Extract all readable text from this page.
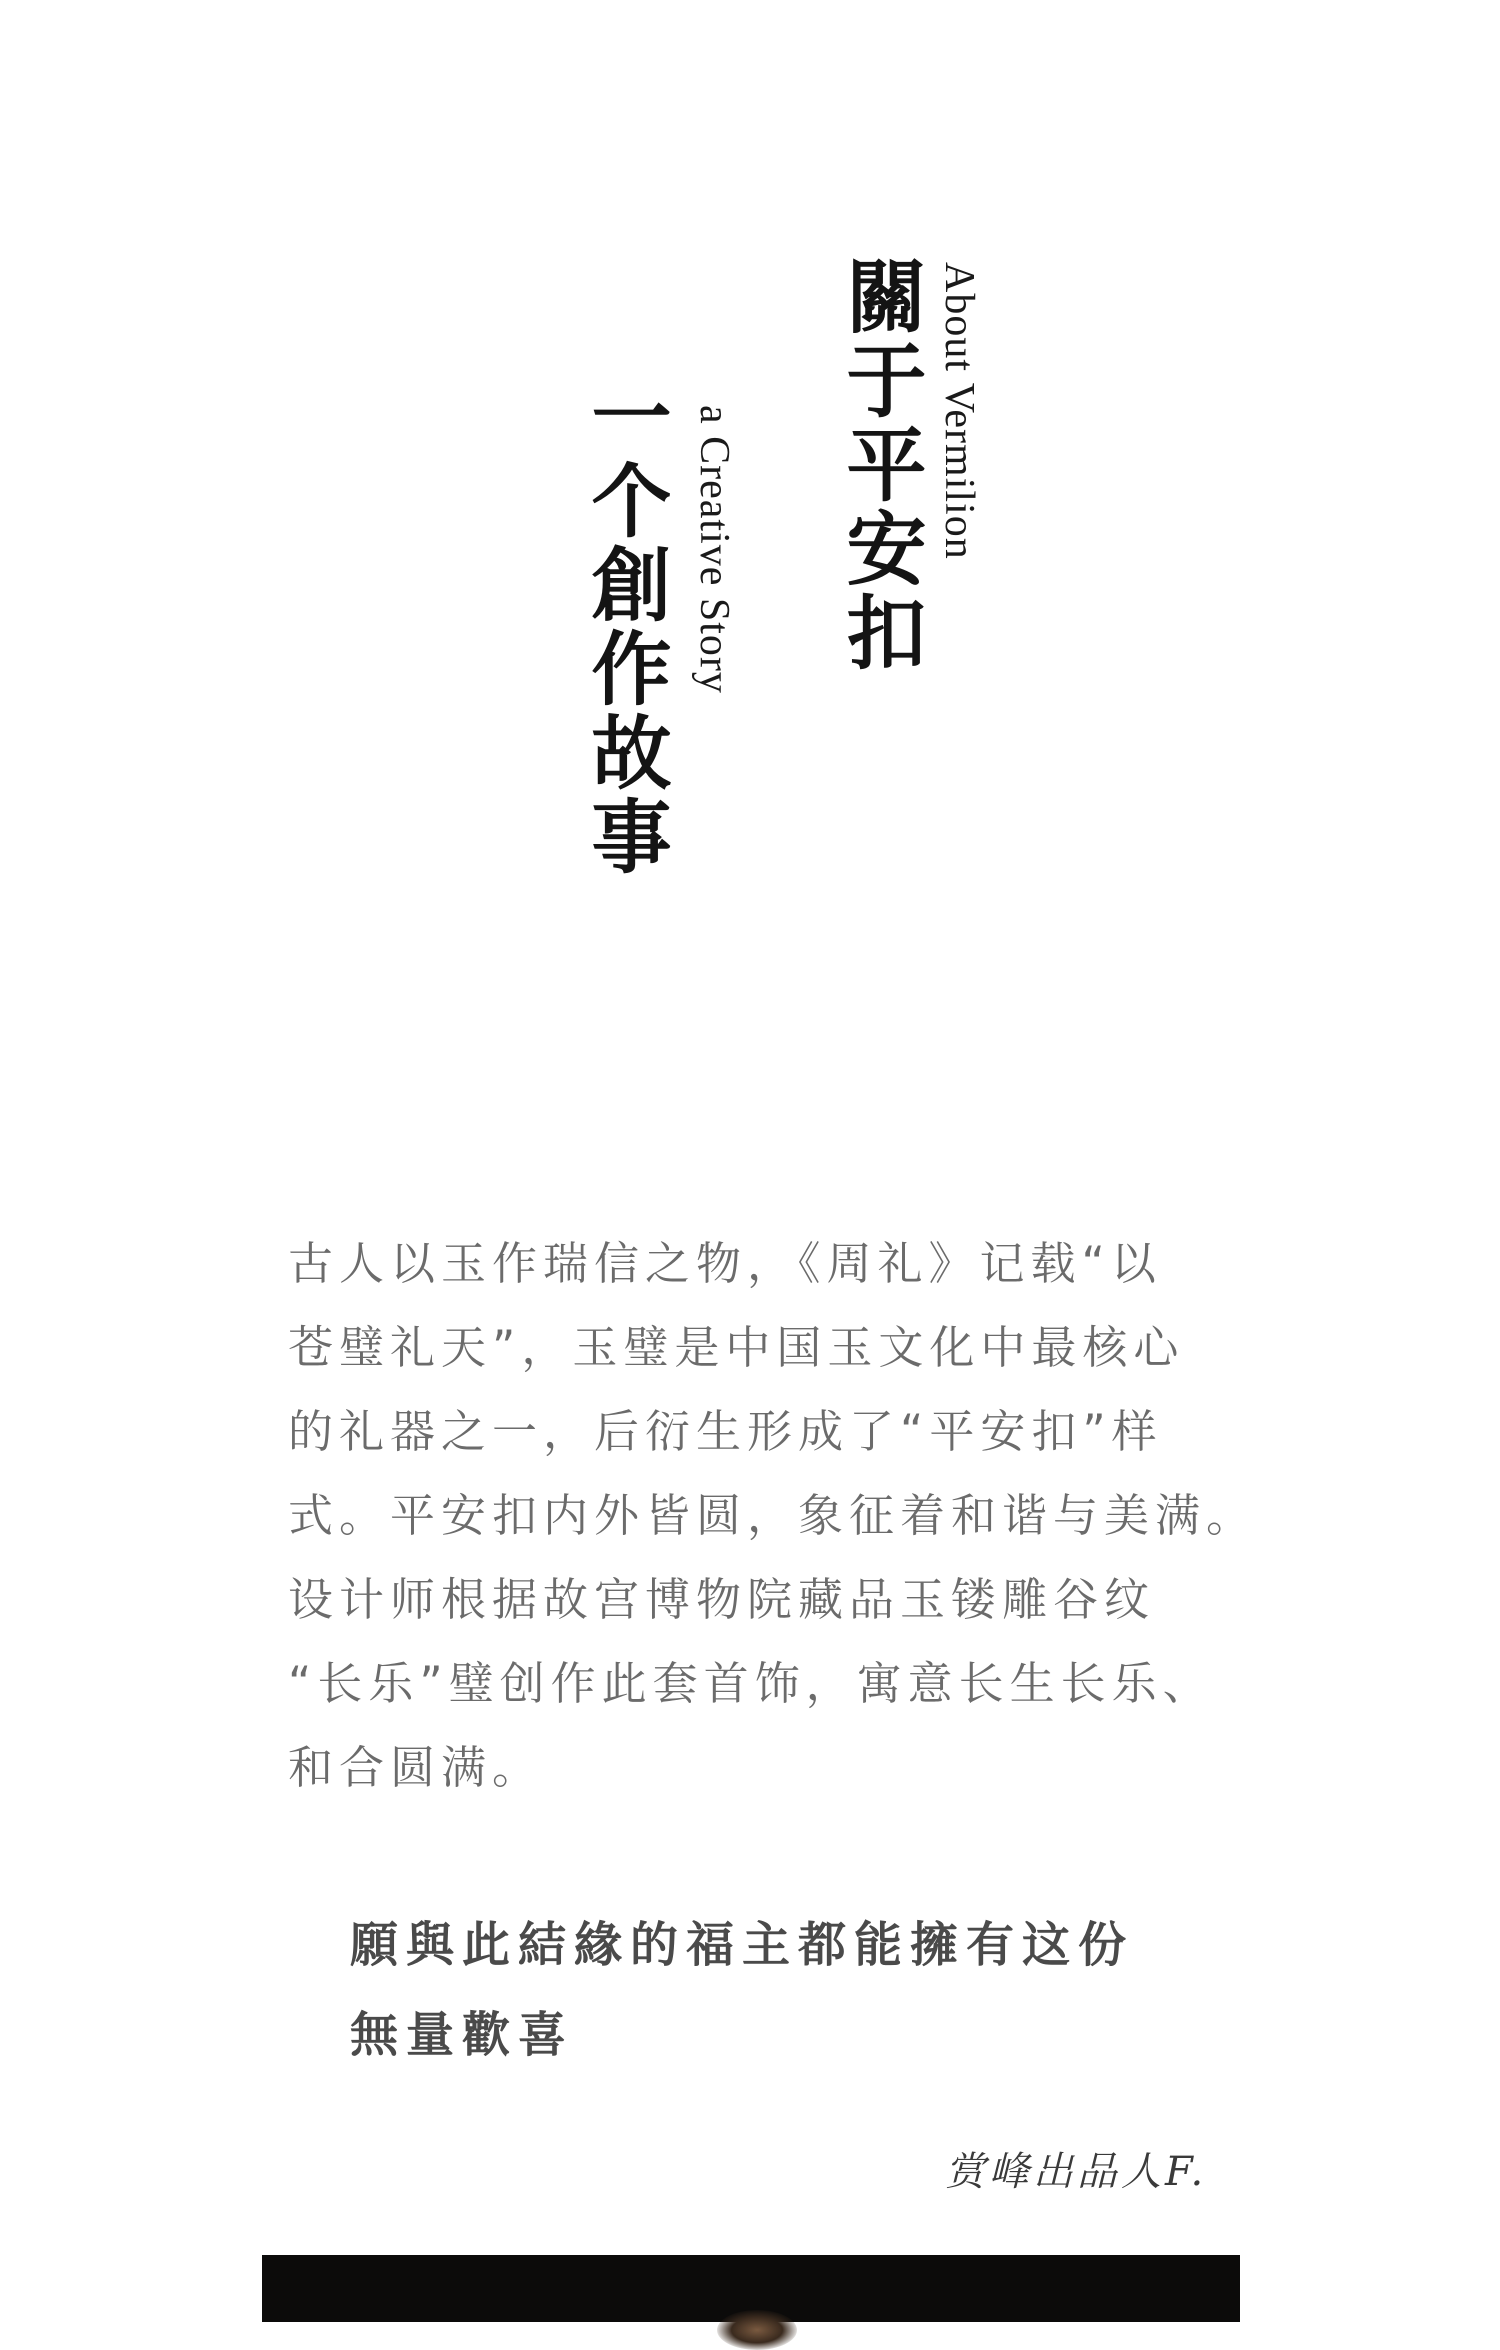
關于平安扣 About Vermilion
一个創作故事 a Creative Story

古人以玉作瑞信之物，《周礼》记载“以
苍璧礼天”，玉璧是中国玉文化中最核心
的礼器之一，后衍生形成了“平安扣”样
式。平安扣内外皆圆，象征着和谐与美满。
设计师根据故宫博物院藏品玉镂雕谷纹
“长乐”璧创作此套首饰，寓意长生长乐、
和合圆满。

願與此結緣的福主都能擁有这份
無量歡喜

赏峰出品人F.
